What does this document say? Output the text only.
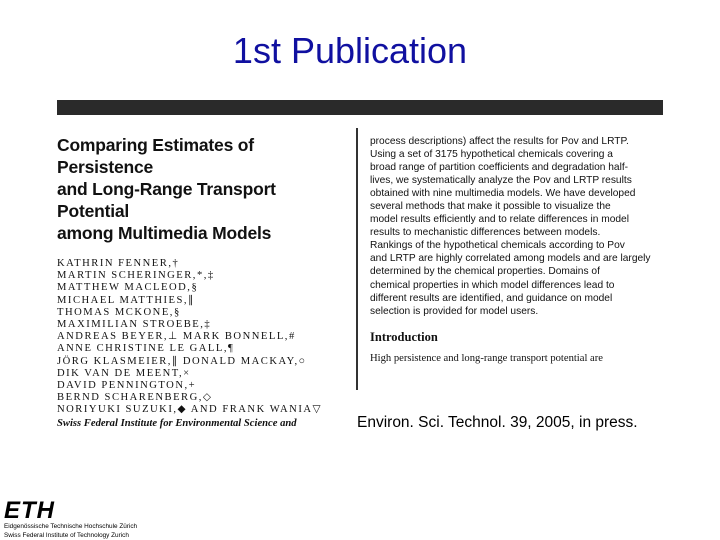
1st Publication
Comparing Estimates of Persistence
and Long-Range Transport Potential
among Multimedia Models
KATHRIN FENNER,†
MARTIN SCHERINGER,*,‡
MATTHEW MACLEOD,§
MICHAEL MATTHIES,∥
THOMAS MCKONE,§
MAXIMILIAN STROEBE,‡
ANDREAS BEYER,⊥ MARK BONNELL,#
ANNE CHRISTINE LE GALL,¶
JÖRG KLASMEIER,∥ DONALD MACKAY,○
DIK VAN DE MEENT,×
DAVID PENNINGTON,+
BERND SCHARENBERG,◇
NORIYUKI SUZUKI,◆ AND FRANK WANIA▽
Swiss Federal Institute for Environmental Science and

process descriptions) affect the results for Pov and LRTP.

Using a set of 3175 hypothetical chemicals covering a

broad range of partition coefficients and degradation half-

lives, we systematically analyze the Pov and LRTP results

obtained with nine multimedia models. We have developed

several methods that make it possible to visualize the

model results efficiently and to relate differences in model

results to mechanistic differences between models.

Rankings of the hypothetical chemicals according to Pov

and LRTP are highly correlated among models and are largely

determined by the chemical properties. Domains of

chemical properties in which model differences lead to

different results are identified, and guidance on model

selection is provided for model users.

Introduction
High persistence and long-range transport potential are
Environ. Sci. Technol. 39, 2005, in press.
ETH
Eidgenössische Technische Hochschule Zürich
Swiss Federal Institute of Technology Zurich
